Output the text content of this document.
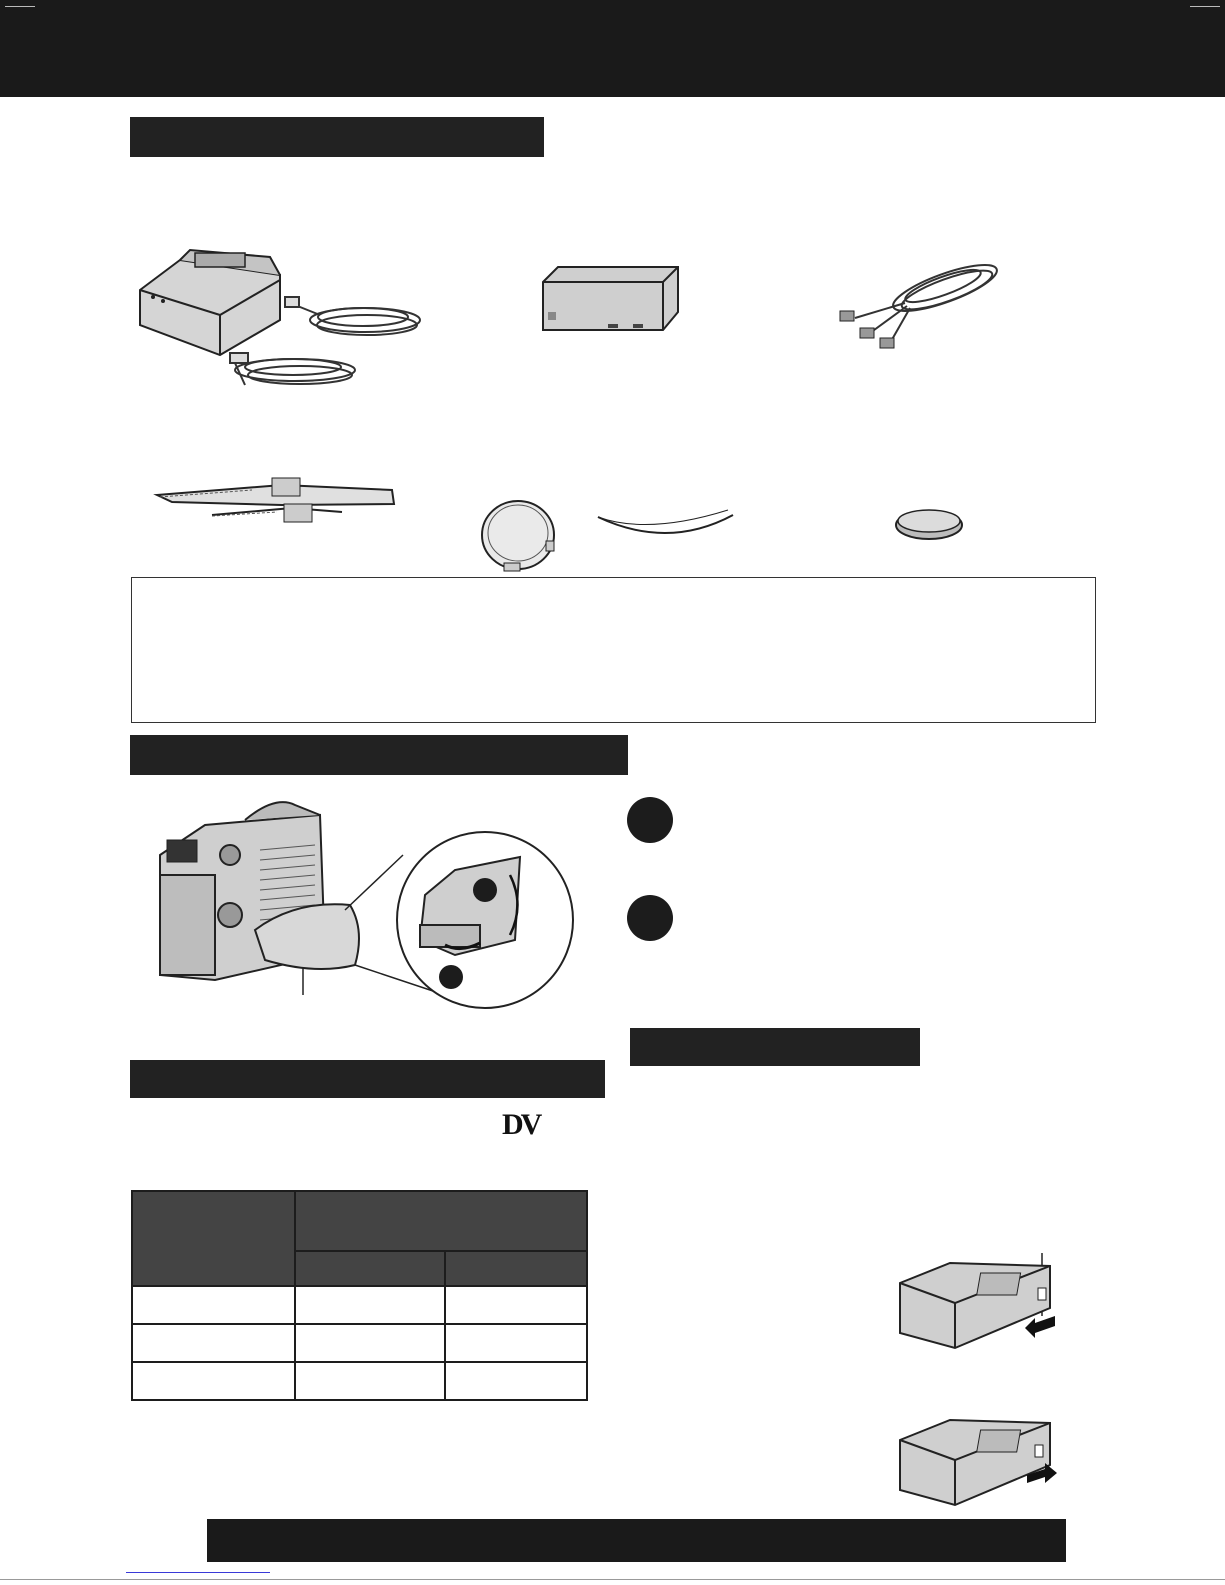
DV
